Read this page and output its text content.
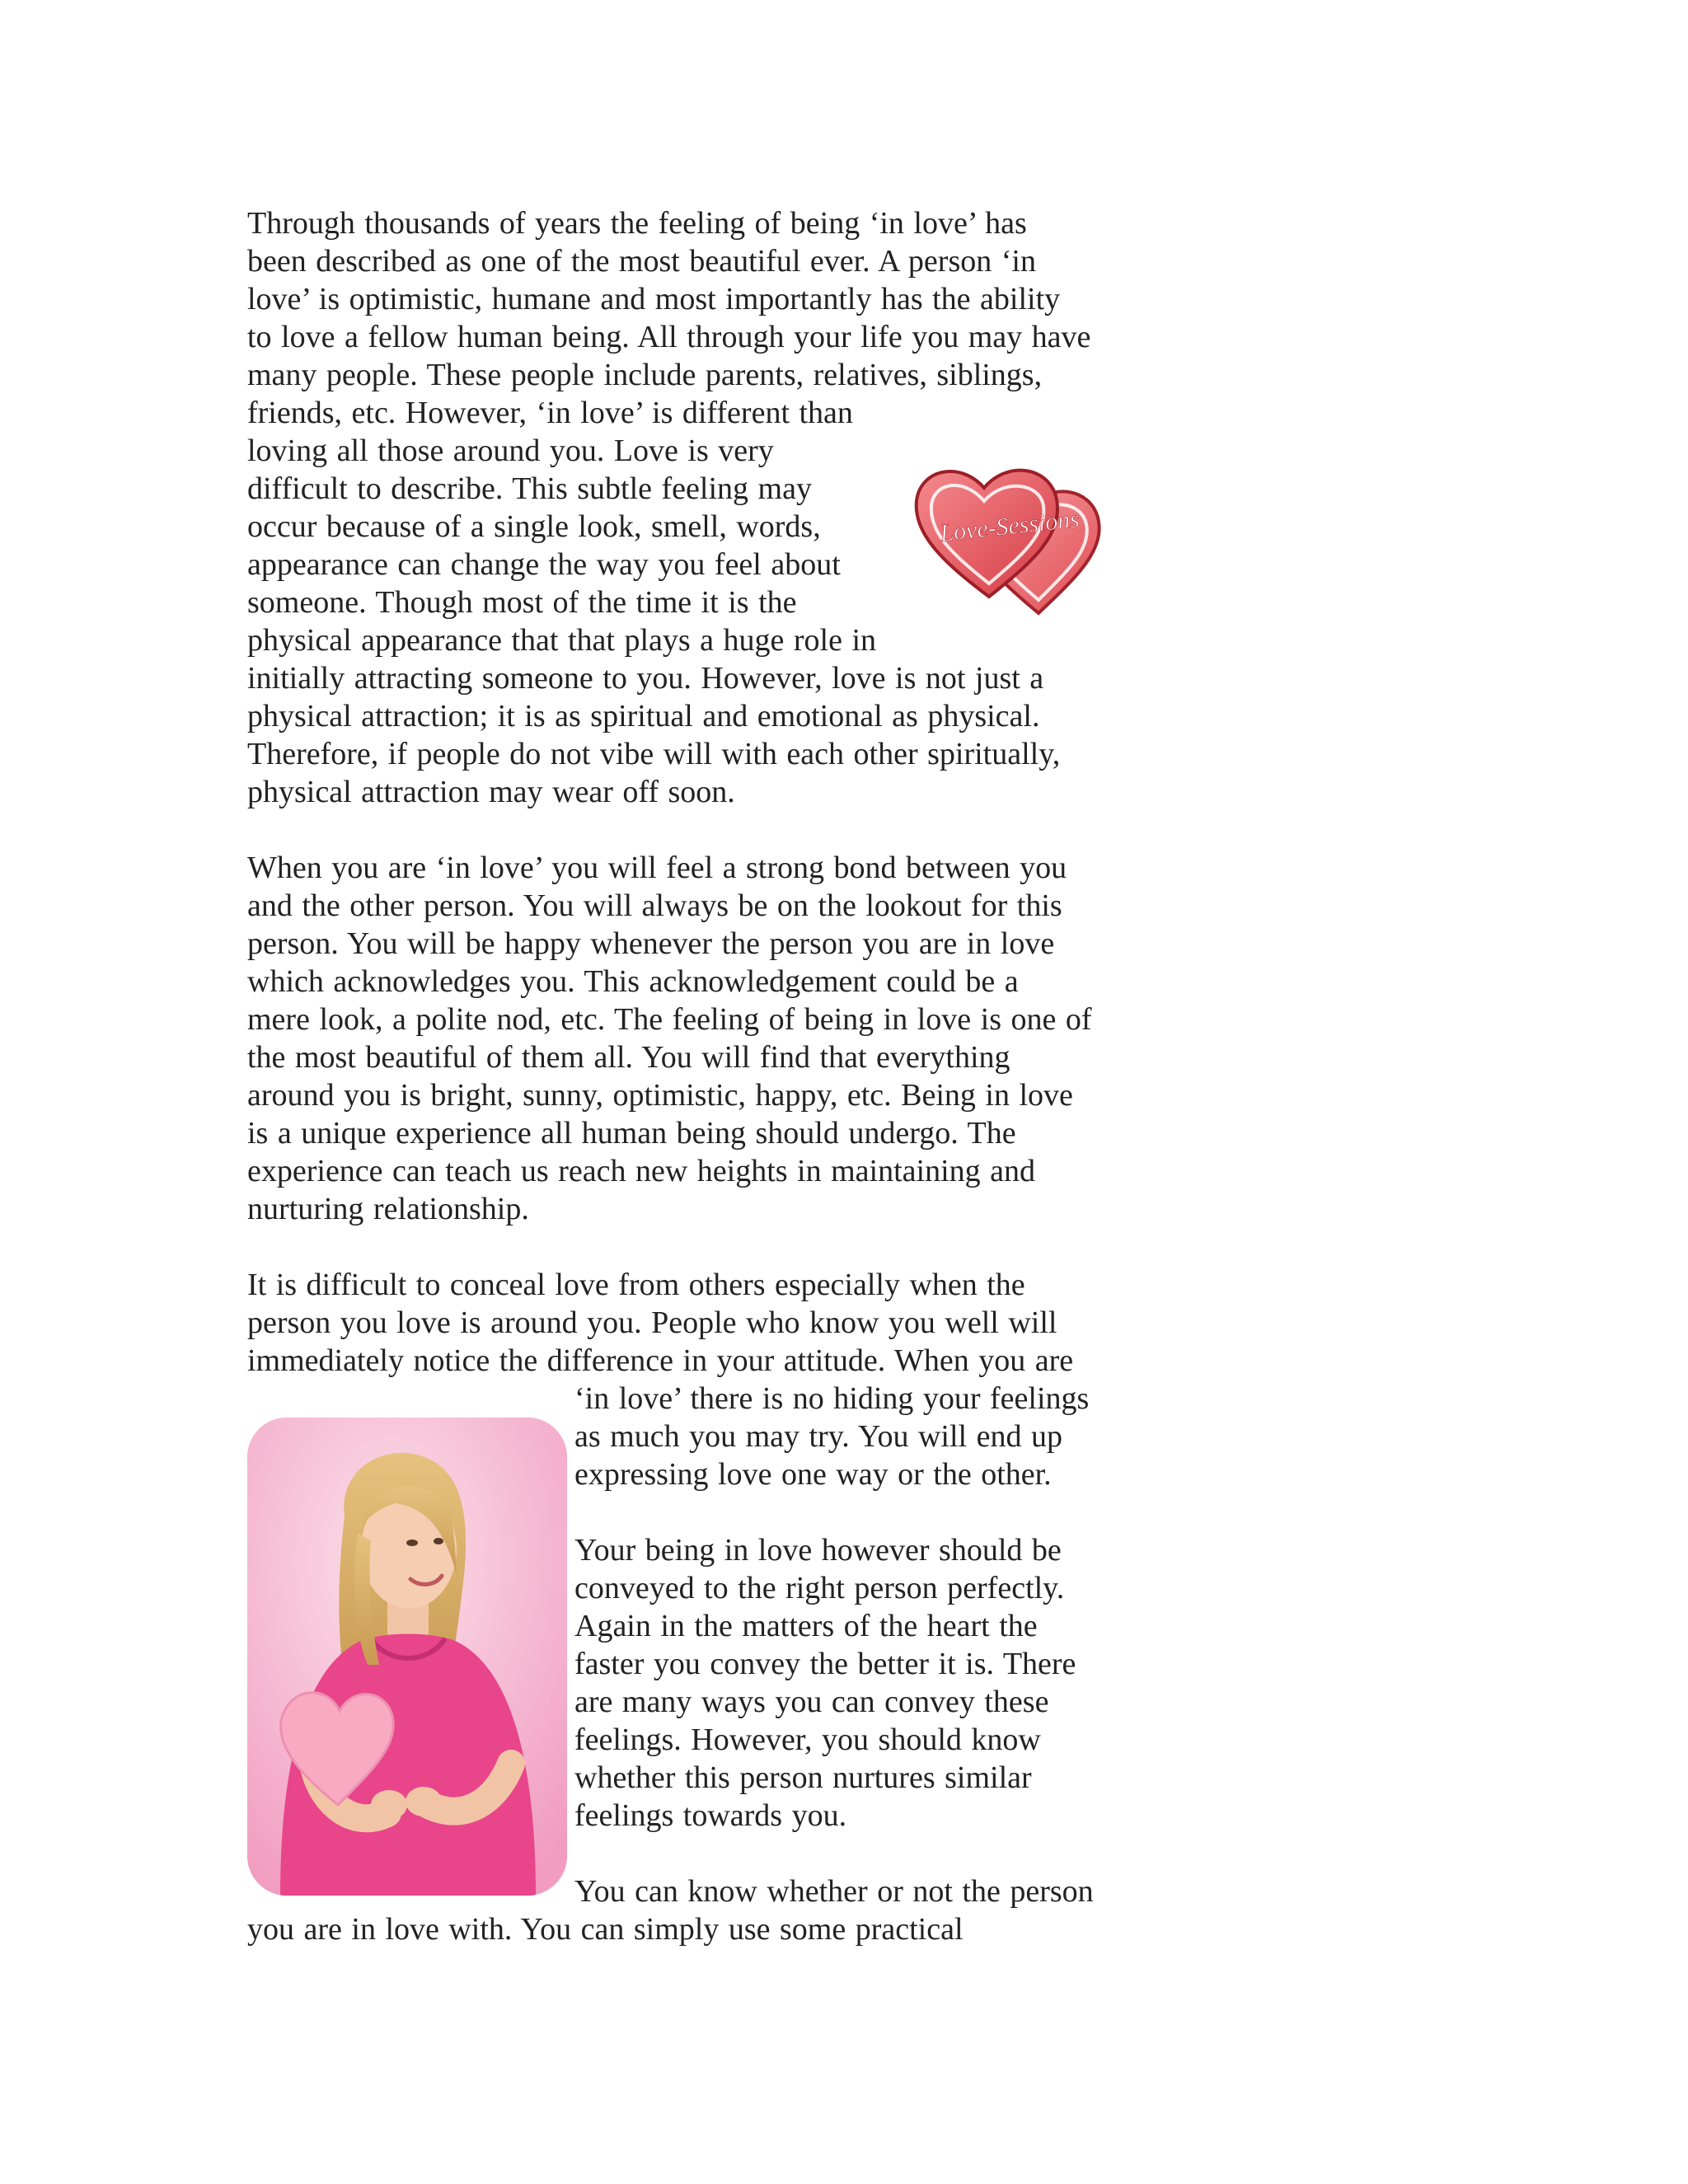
Through thousands of years the feeling of being ‘in love’ has
been described as one of the most beautiful ever. A person ‘in
love’ is optimistic, humane and most importantly has the ability
to love a fellow human being. All through your life you may have
many people. These people include parents, relatives, siblings,
friends, etc. However, ‘in love’ is different than
loving all those around you. Love is very
difficult to describe. This subtle feeling may
occur because of a single look, smell, words,
appearance can change the way you feel about
someone. Though most of the time it is the
physical appearance that that plays a huge role in
initially attracting someone to you. However, love is not just a
physical attraction; it is as spiritual and emotional as physical.
Therefore, if people do not vibe will with each other spiritually,
physical attraction may wear off soon.
When you are ‘in love’ you will feel a strong bond between you
and the other person. You will always be on the lookout for this
person. You will be happy whenever the person you are in love
which acknowledges you. This acknowledgement could be a
mere look, a polite nod, etc. The feeling of being in love is one of
the most beautiful of them all. You will find that everything
around you is bright, sunny, optimistic, happy, etc. Being in love
is a unique experience all human being should undergo. The
experience can teach us reach new heights in maintaining and
nurturing relationship.
It is difficult to conceal love from others especially when the
person you love is around you. People who know you well will
immediately notice the difference in your attitude. When you are
‘in love’ there is no hiding your feelings
as much you may try. You will end up
expressing love one way or the other.
Your being in love however should be
conveyed to the right person perfectly.
Again in the matters of the heart the
faster you convey the better it is. There
are many ways you can convey these
feelings. However, you should know
whether this person nurtures similar
feelings towards you.
You can know whether or not the person
you are in love with. You can simply use some practical
Love-Sessions
